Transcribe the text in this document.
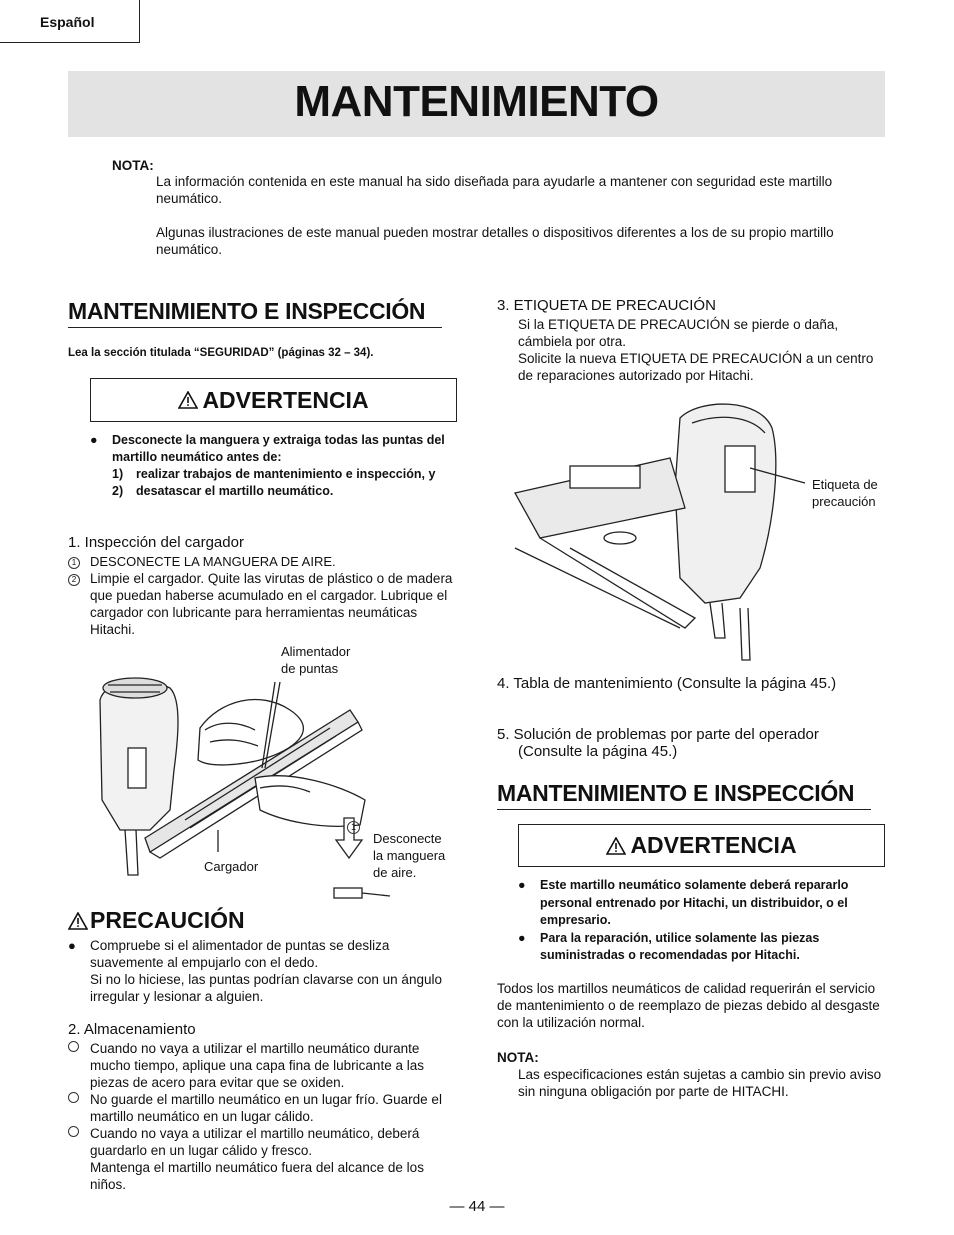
Español
MANTENIMIENTO
NOTA:
La información contenida en este manual ha sido diseñada para ayudarle a mantener con seguridad este martillo neumático.
Algunas ilustraciones de este manual pueden mostrar detalles o dispositivos diferentes a los de su propio martillo neumático.
MANTENIMIENTO E INSPECCIÓN
Lea la sección titulada “SEGURIDAD” (páginas 32 – 34).
ADVERTENCIA
●	Desconecte la manguera y extraiga todas las puntas del martillo neumático antes de:
1)	realizar trabajos de mantenimiento e inspección, y
2)	desatascar el martillo neumático.
1. Inspección del cargador
1	DESCONECTE LA MANGUERA DE AIRE.
2	Limpie el cargador. Quite las virutas de plástico o de madera que puedan haberse acumulado en el cargador. Lubrique el cargador con lubricante para herramientas neumáticas Hitachi.
Alimentador
de puntas
Cargador
1
Desconecte
la manguera
de aire.
PRECAUCIÓN
●	Compruebe si el alimentador de puntas se desliza suavemente al empujarlo con el dedo.
Si no lo hiciese, las puntas podrían clavarse con un ángulo irregular y lesionar a alguien.
2. Almacenamiento
Cuando no vaya a utilizar el martillo neumático durante mucho tiempo, aplique una capa fina de lubricante a las piezas de acero para evitar que se oxiden.
No guarde el martillo neumático en un lugar frío. Guarde el martillo neumático en un lugar cálido.
Cuando no vaya a utilizar el martillo neumático, deberá guardarlo en un lugar cálido y fresco.
Mantenga el martillo neumático fuera del alcance de los niños.
3. ETIQUETA DE PRECAUCIÓN
Si la ETIQUETA DE PRECAUCIÓN se pierde o daña, cámbiela por otra.
Solicite la nueva ETIQUETA DE PRECAUCIÓN a un centro de reparaciones autorizado por Hitachi.
Etiqueta de
precaución
4. Tabla de mantenimiento (Consulte la página 45.)
5. Solución de problemas por parte del operador (Consulte la página 45.)
MANTENIMIENTO E INSPECCIÓN
ADVERTENCIA
●	Este martillo neumático solamente deberá repararlo personal entrenado por Hitachi, un distribuidor, o el empresario.
●	Para la reparación, utilice solamente las piezas suministradas o recomendadas por Hitachi.
Todos los martillos neumáticos de calidad requerirán el servicio de mantenimiento o de reemplazo de piezas debido al desgaste con la utilización normal.
NOTA:
Las especificaciones están sujetas a cambio sin previo aviso sin ninguna obligación por parte de HITACHI.
— 44 —
